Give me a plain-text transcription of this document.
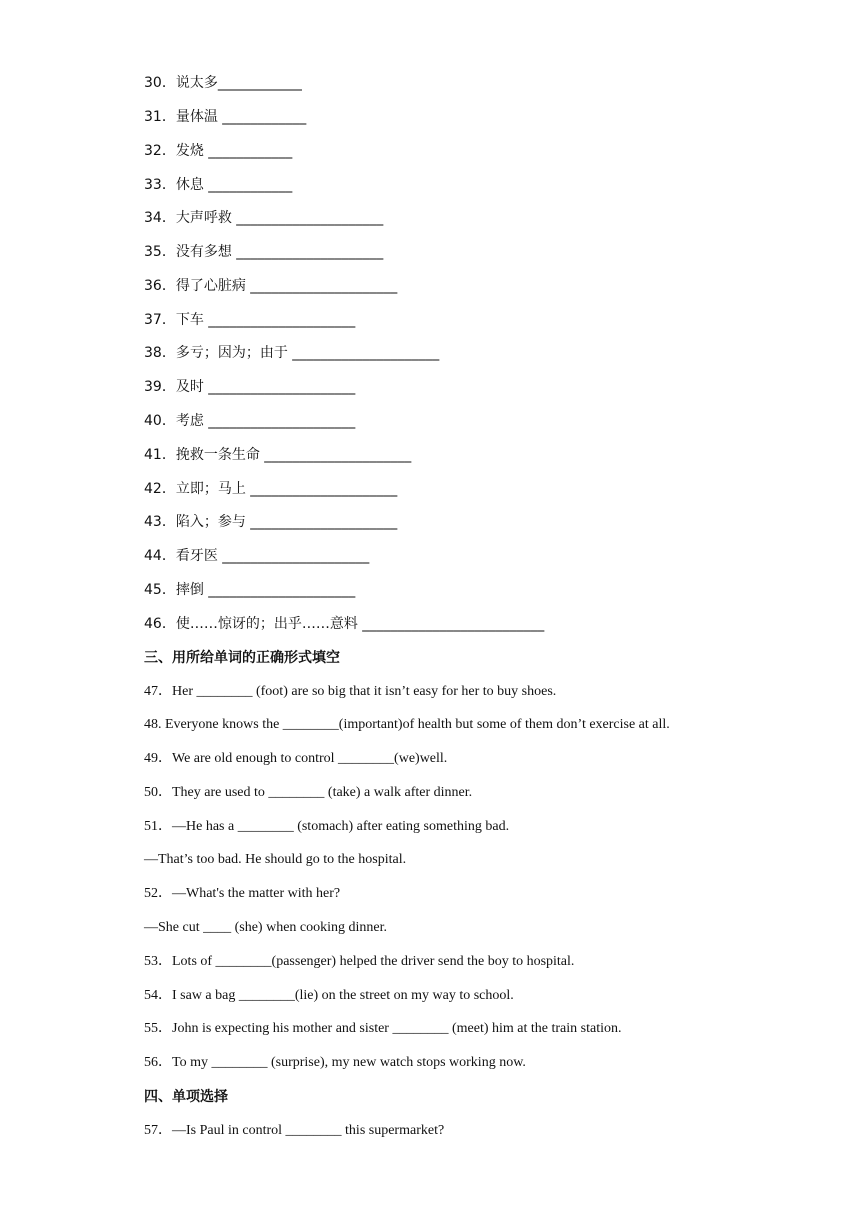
30．说太多____________
31．量体温 ____________
32．发烧 ____________
33．休息 ____________
34．大声呼救 _____________________
35．没有多想 _____________________
36．得了心脏病 _____________________
37．下车 _____________________
38．多亏；因为；由于 _____________________
39．及时 _____________________
40．考虑 _____________________
41．挽救一条生命 _____________________
42．立即；马上 _____________________
43．陷入；参与 _____________________
44．看牙医 _____________________
45．摔倒 _____________________
46．使……惊讶的；出乎……意料 __________________________
三、用所给单词的正确形式填空
47．Her ________ (foot) are so big that it isn’t easy for her to buy shoes.
48. Everyone knows the ________(important)of health but some of them don’t exercise at all.
49．We are old enough to control ________(we)well.
50．They are used to ________ (take) a walk after dinner.
51．—He has a ________ (stomach) after eating something bad.
—That’s too bad. He should go to the hospital.
52．—What's the matter with her?
—She cut ____ (she) when cooking dinner.
53．Lots of ________(passenger) helped the driver send the boy to hospital.
54．I saw a bag ________(lie) on the street on my way to school.
55．John is expecting his mother and sister ________ (meet) him at the train station.
56．To my ________ (surprise), my new watch stops working now.
四、单项选择
57．—Is Paul in control ________ this supermarket?
